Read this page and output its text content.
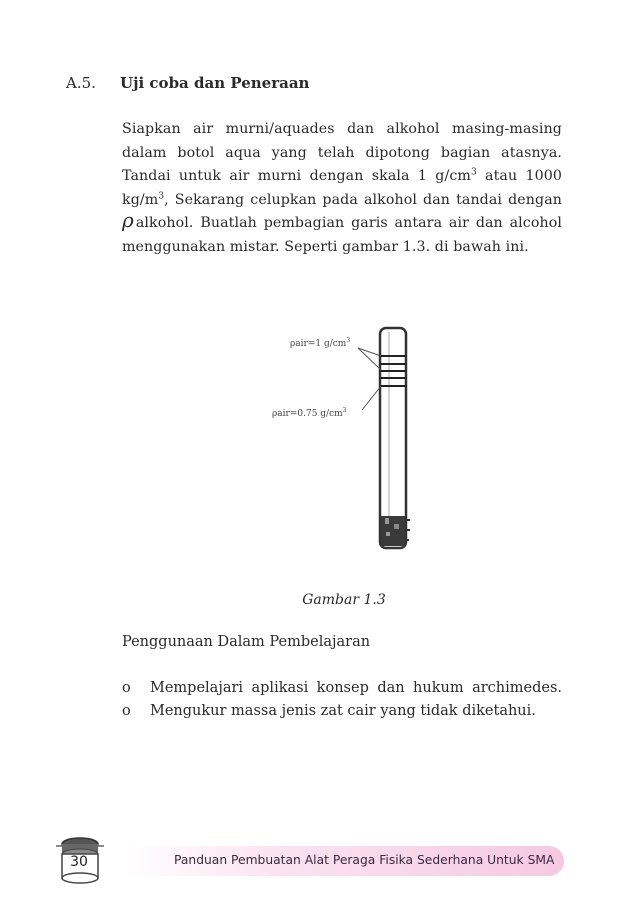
A.5. Uji coba dan Peneraan

Siapkan air murni/aquades dan alkohol masing-masing dalam botol aqua yang telah dipotong bagian atasnya. Tandai untuk air murni dengan skala 1 $g/cm^3$ atau 1000 $kg/m^3$, Sekarang celupkan pada alkohol dan tandai dengan ρ alkohol. Buatlah pembagian garis antara air dan alcohol menggunakan mistar. Seperti gambar 1.3. di bawah ini.

ρair=1 $g/cm^3$
ρair=0.75 $g/cm^3$
Gambar 1.3
Penggunaan Dalam Pembelajaran
o Mempelajari aplikasi konsep dan hukum archimedes.
o Mengukur massa jenis zat cair yang tidak diketahui.
30	Panduan Pembuatan Alat Peraga Fisika Sederhana Untuk SMA
